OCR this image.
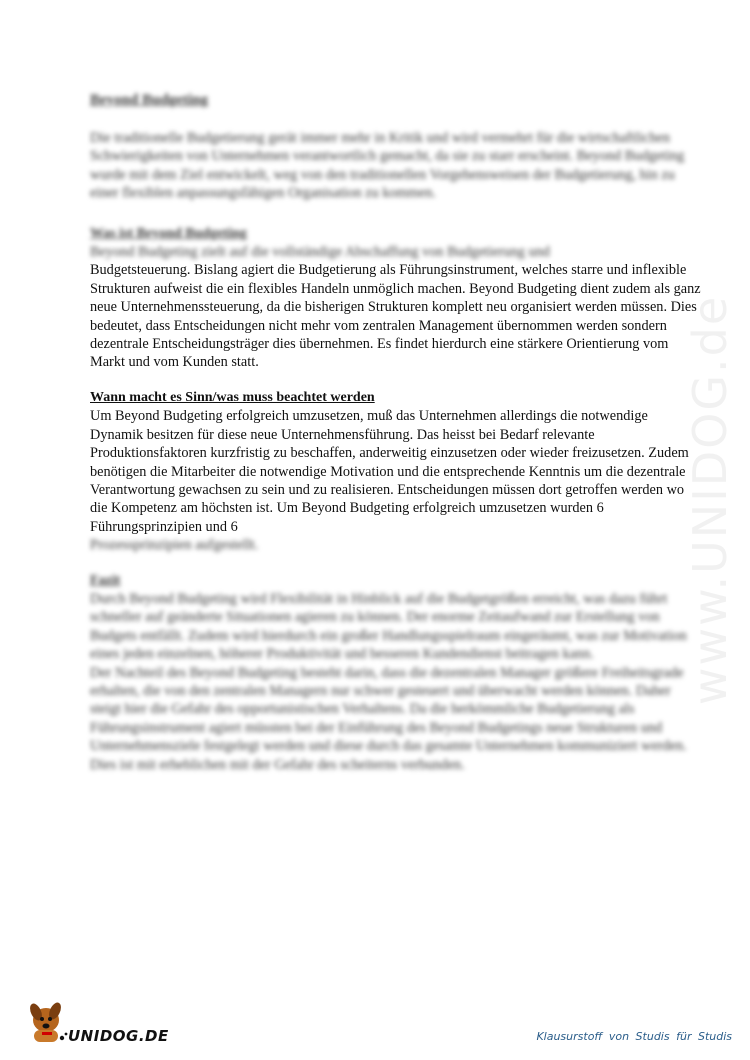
www.UNIDOG.de
Beyond Budgeting

Die traditionelle Budgetierung gerät immer mehr in Kritik und wird vermehrt für die wirtschaftlichen Schwierigkeiten von Unternehmen verantwortlich gemacht, da sie zu starr erscheint. Beyond Budgeting wurde mit dem Ziel entwickelt, weg von den traditionellen Vorgehensweisen der Budgetierung, hin zu einer flexiblen anpassungsfähigen Organisation zu kommen.

Was ist Beyond Budgeting

Beyond Budgeting zielt auf die vollständige Abschaffung von Budgetierung und

Budgetsteuerung. Bislang agiert die Budgetierung als Führungsinstrument, welches starre und inflexible Strukturen aufweist die ein flexibles Handeln unmöglich machen. Beyond Budgeting dient zudem als ganz neue Unternehmenssteuerung, da die bisherigen Strukturen komplett neu organisiert werden müssen. Dies bedeutet, dass Entscheidungen nicht mehr vom zentralen Management übernommen werden sondern dezentrale Entscheidungsträger dies übernehmen. Es findet hierdurch eine stärkere Orientierung vom Markt und vom Kunden statt.

Wann macht es Sinn/was muss beachtet werden

Um Beyond Budgeting erfolgreich umzusetzen, muß das Unternehmen allerdings die notwendige Dynamik besitzen für diese neue Unternehmensführung. Das heisst bei Bedarf relevante Produktionsfaktoren kurzfristig zu beschaffen, anderweitig einzusetzen oder wieder freizusetzen. Zudem benötigen die Mitarbeiter die notwendige Motivation und die entsprechende Kenntnis um die dezentrale Verantwortung gewachsen zu sein und zu realisieren. Entscheidungen müssen dort getroffen werden wo die Kompetenz am höchsten ist. Um Beyond Budgeting erfolgreich umzusetzen wurden 6 Führungsprinzipien und 6

Prozessprinzipien aufgestellt.

Fazit

Durch Beyond Budgeting wird Flexibilität in Hinblick auf die Budgetgrößen erreicht, was dazu führt schneller auf geänderte Situationen agieren zu können. Der enorme Zeitaufwand zur Erstellung von Budgets entfällt. Zudem wird hierdurch ein großer Handlungsspielraum eingeräumt, was zur Motivation eines jeden einzelnen, höherer Produktivität und besseren Kundendienst beitragen kann.

Der Nachteil des Beyond Budgeting besteht darin, dass die dezentralen Manager größere Freiheitsgrade erhalten, die von den zentralen Managern nur schwer gesteuert und überwacht werden können. Daher steigt hier die Gefahr des opportunistischen Verhaltens. Da die herkömmliche Budgetierung als Führungsinstrument agiert müssten bei der Einführung des Beyond Budgetings neue Strukturen und Unternehmensziele festgelegt werden und diese durch das gesamte Unternehmen kommuniziert werden. Dies ist mit erheblichen mit der Gefahr des scheiterns verbunden.

UNIDOG.DE	Klausurstoff von Studis für Studis
